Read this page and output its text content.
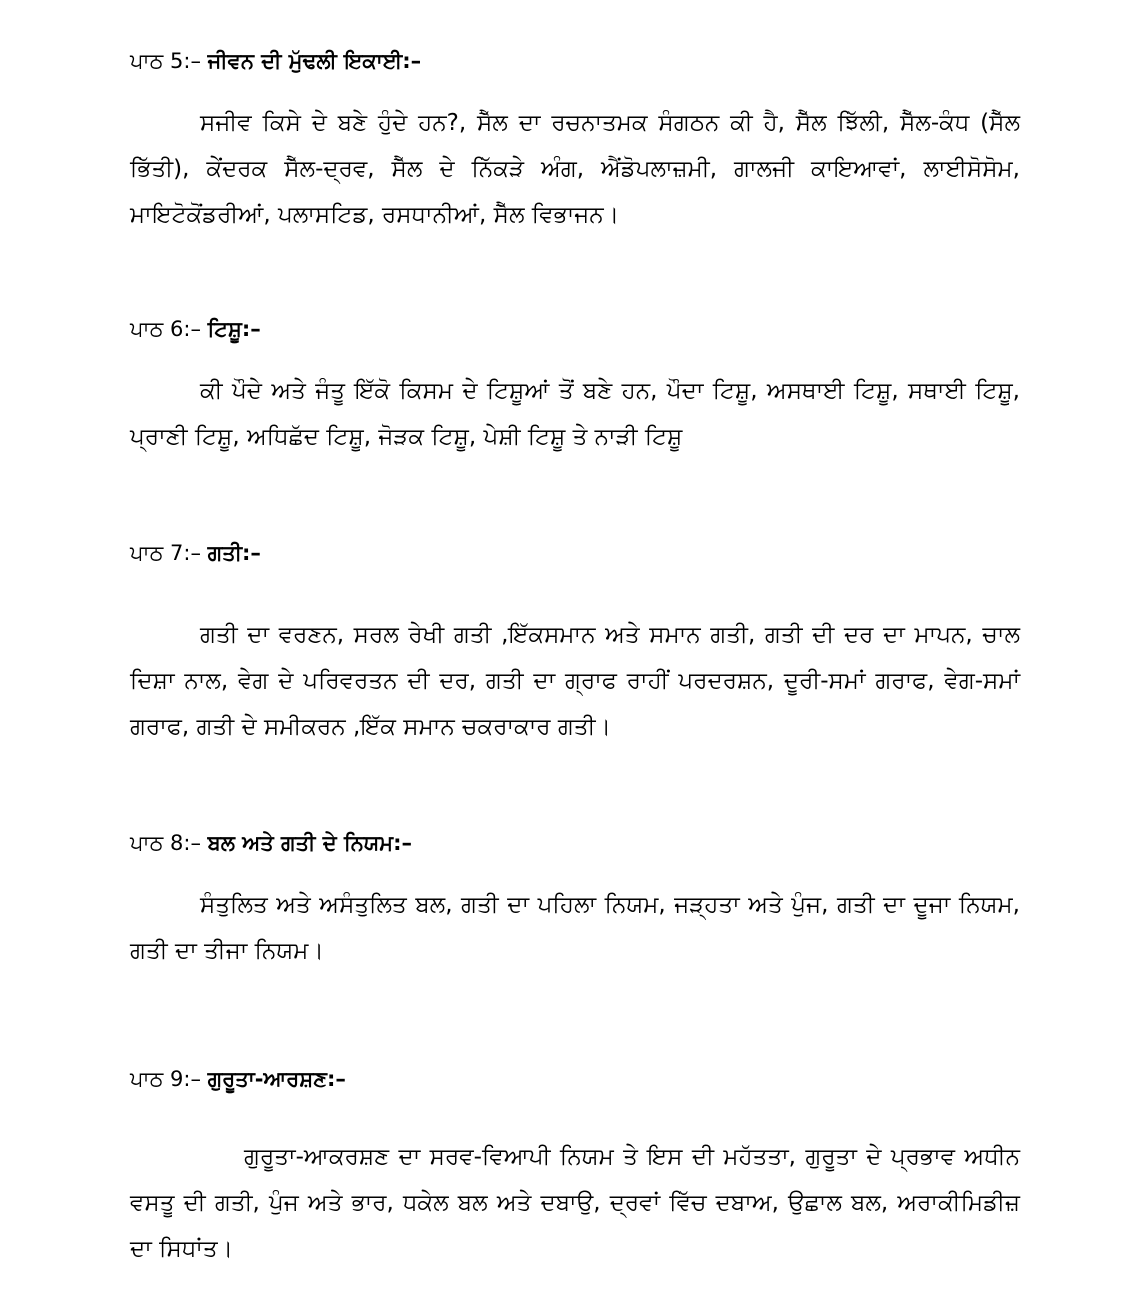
ਪਾਠ 5:– ਜੀਵਨ ਦੀ ਮੁੱਢਲੀ ਇਕਾਈ:–

ਸਜੀਵ ਕਿਸੇ ਦੇ ਬਣੇ ਹੁੰਦੇ ਹਨ?, ਸੈੱਲ ਦਾ ਰਚਨਾਤਮਕ ਸੰਗਠਨ ਕੀ ਹੈ, ਸੈੱਲ ਝਿੱਲੀ, ਸੈੱਲ-ਕੰਧ (ਸੈੱਲ ਭਿੱਤੀ), ਕੇਂਦਰਕ ਸੈੱਲ-ਦ੍ਰਵ, ਸੈੱਲ ਦੇ ਨਿੱਕੜੇ ਅੰਗ, ਐਂਡੋਪਲਾਜ਼ਮੀ, ਗਾਲਜੀ ਕਾਇਆਵਾਂ, ਲਾਈਸੋਸੋਮ, ਮਾਇਟੋਕੋਂਡਰੀਆਂ, ਪਲਾਸਟਿਡ, ਰਸਧਾਨੀਆਂ, ਸੈੱਲ ਵਿਭਾਜਨ।

ਪਾਠ 6:– ਟਿਸ਼ੂ:–

ਕੀ ਪੌਦੇ ਅਤੇ ਜੰਤੂ ਇੱਕੋ ਕਿਸਮ ਦੇ ਟਿਸ਼ੂਆਂ ਤੋਂ ਬਣੇ ਹਨ, ਪੌਦਾ ਟਿਸ਼ੂ, ਅਸਥਾਈ ਟਿਸ਼ੂ, ਸਥਾਈ ਟਿਸ਼ੂ, ਪ੍ਰਾਣੀ ਟਿਸ਼ੂ, ਅਧਿਛੱਦ ਟਿਸ਼ੂ, ਜੋੜਕ ਟਿਸ਼ੂ, ਪੇਸ਼ੀ ਟਿਸ਼ੂ ਤੇ ਨਾੜੀ ਟਿਸ਼ੂ

ਪਾਠ 7:– ਗਤੀ:–

ਗਤੀ ਦਾ ਵਰਣਨ, ਸਰਲ ਰੇਖੀ ਗਤੀ ,ਇੱਕਸਮਾਨ ਅਤੇ ਸਮਾਨ ਗਤੀ, ਗਤੀ ਦੀ ਦਰ ਦਾ ਮਾਪਨ, ਚਾਲ ਦਿਸ਼ਾ ਨਾਲ, ਵੇਗ ਦੇ ਪਰਿਵਰਤਨ ਦੀ ਦਰ, ਗਤੀ ਦਾ ਗ੍ਰਾਫ ਰਾਹੀਂ ਪਰਦਰਸ਼ਨ, ਦੂਰੀ-ਸਮਾਂ ਗਰਾਫ, ਵੇਗ-ਸਮਾਂ ਗਰਾਫ, ਗਤੀ ਦੇ ਸਮੀਕਰਨ ,ਇੱਕ ਸਮਾਨ ਚਕਰਾਕਾਰ ਗਤੀ।

ਪਾਠ 8:– ਬਲ ਅਤੇ ਗਤੀ ਦੇ ਨਿਯਮ:–

ਸੰਤੁਲਿਤ ਅਤੇ ਅਸੰਤੁਲਿਤ ਬਲ, ਗਤੀ ਦਾ ਪਹਿਲਾ ਨਿਯਮ, ਜੜ੍ਹਤਾ ਅਤੇ ਪੁੰਜ, ਗਤੀ ਦਾ ਦੂਜਾ ਨਿਯਮ, ਗਤੀ ਦਾ ਤੀਜਾ ਨਿਯਮ।

ਪਾਠ 9:– ਗੁਰੂਤਾ-ਆਰਸ਼ਣ:–

ਗੁਰੂਤਾ-ਆਕਰਸ਼ਣ ਦਾ ਸਰਵ-ਵਿਆਪੀ ਨਿਯਮ ਤੇ ਇਸ ਦੀ ਮਹੱਤਤਾ, ਗੁਰੂਤਾ ਦੇ ਪ੍ਰਭਾਵ ਅਧੀਨ ਵਸਤੂ ਦੀ ਗਤੀ, ਪੁੰਜ ਅਤੇ ਭਾਰ, ਧਕੇਲ ਬਲ ਅਤੇ ਦਬਾਉ, ਦ੍ਰਵਾਂ ਵਿੱਚ ਦਬਾਅ, ਉਛਾਲ ਬਲ, ਅਰਾਕੀਮਿਡੀਜ਼ ਦਾ ਸਿਧਾਂਤ।
